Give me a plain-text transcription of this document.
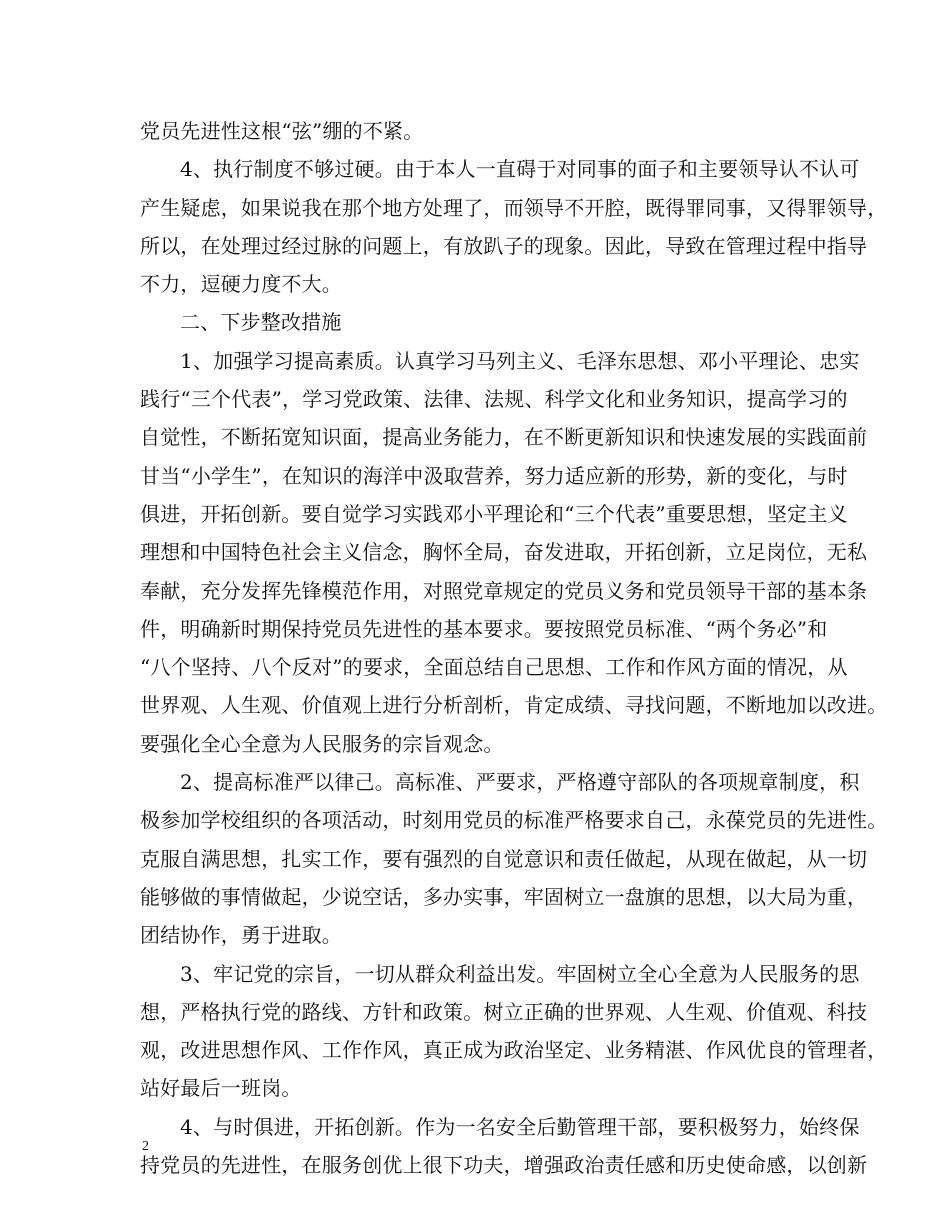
党员先进性这根“弦”绷的不紧。
4、执行制度不够过硬。由于本人一直碍于对同事的面子和主要领导认不认可
产生疑虑，如果说我在那个地方处理了，而领导不开腔，既得罪同事，又得罪领导，
所以，在处理过经过脉的问题上，有放趴子的现象。因此，导致在管理过程中指导
不力，逗硬力度不大。
二、下步整改措施
1、加强学习提高素质。认真学习马列主义、毛泽东思想、邓小平理论、忠实
践行“三个代表”，学习党政策、法律、法规、科学文化和业务知识，提高学习的
自觉性，不断拓宽知识面，提高业务能力，在不断更新知识和快速发展的实践面前
甘当“小学生”，在知识的海洋中汲取营养，努力适应新的形势，新的变化，与时
俱进，开拓创新。要自觉学习实践邓小平理论和“三个代表”重要思想，坚定主义
理想和中国特色社会主义信念，胸怀全局，奋发进取，开拓创新，立足岗位，无私
奉献，充分发挥先锋模范作用，对照党章规定的党员义务和党员领导干部的基本条
件，明确新时期保持党员先进性的基本要求。要按照党员标准、“两个务必”和
“八个坚持、八个反对”的要求，全面总结自己思想、工作和作风方面的情况，从
世界观、人生观、价值观上进行分析剖析，肯定成绩、寻找问题，不断地加以改进。
要强化全心全意为人民服务的宗旨观念。
2、提高标准严以律己。高标准、严要求，严格遵守部队的各项规章制度，积
极参加学校组织的各项活动，时刻用党员的标准严格要求自己，永葆党员的先进性。
克服自满思想，扎实工作，要有强烈的自觉意识和责任做起，从现在做起，从一切
能够做的事情做起，少说空话，多办实事，牢固树立一盘旗的思想，以大局为重，
团结协作，勇于进取。
3、牢记党的宗旨，一切从群众利益出发。牢固树立全心全意为人民服务的思
想，严格执行党的路线、方针和政策。树立正确的世界观、人生观、价值观、科技
观，改进思想作风、工作作风，真正成为政治坚定、业务精湛、作风优良的管理者，
站好最后一班岗。
4、与时俱进，开拓创新。作为一名安全后勤管理干部，要积极努力，始终保
持党员的先进性，在服务创优上很下功夫，增强政治责任感和历史使命感，以创新
2
